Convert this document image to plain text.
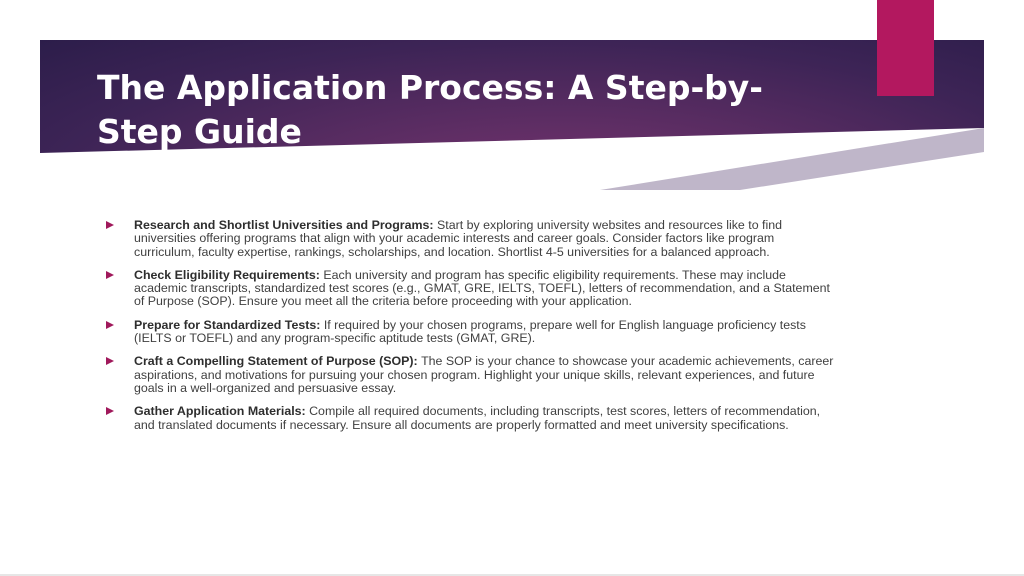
The Application Process: A Step-by-Step Guide
Research and Shortlist Universities and Programs: Start by exploring university websites and resources like to find universities offering programs that align with your academic interests and career goals. Consider factors like program curriculum, faculty expertise, rankings, scholarships, and location. Shortlist 4-5 universities for a balanced approach.
Check Eligibility Requirements: Each university and program has specific eligibility requirements. These may include academic transcripts, standardized test scores (e.g., GMAT, GRE, IELTS, TOEFL), letters of recommendation, and a Statement of Purpose (SOP). Ensure you meet all the criteria before proceeding with your application.
Prepare for Standardized Tests: If required by your chosen programs, prepare well for English language proficiency tests (IELTS or TOEFL) and any program-specific aptitude tests (GMAT, GRE).
Craft a Compelling Statement of Purpose (SOP): The SOP is your chance to showcase your academic achievements, career aspirations, and motivations for pursuing your chosen program. Highlight your unique skills, relevant experiences, and future goals in a well-organized and persuasive essay.
Gather Application Materials: Compile all required documents, including transcripts, test scores, letters of recommendation, and translated documents if necessary. Ensure all documents are properly formatted and meet university specifications.
